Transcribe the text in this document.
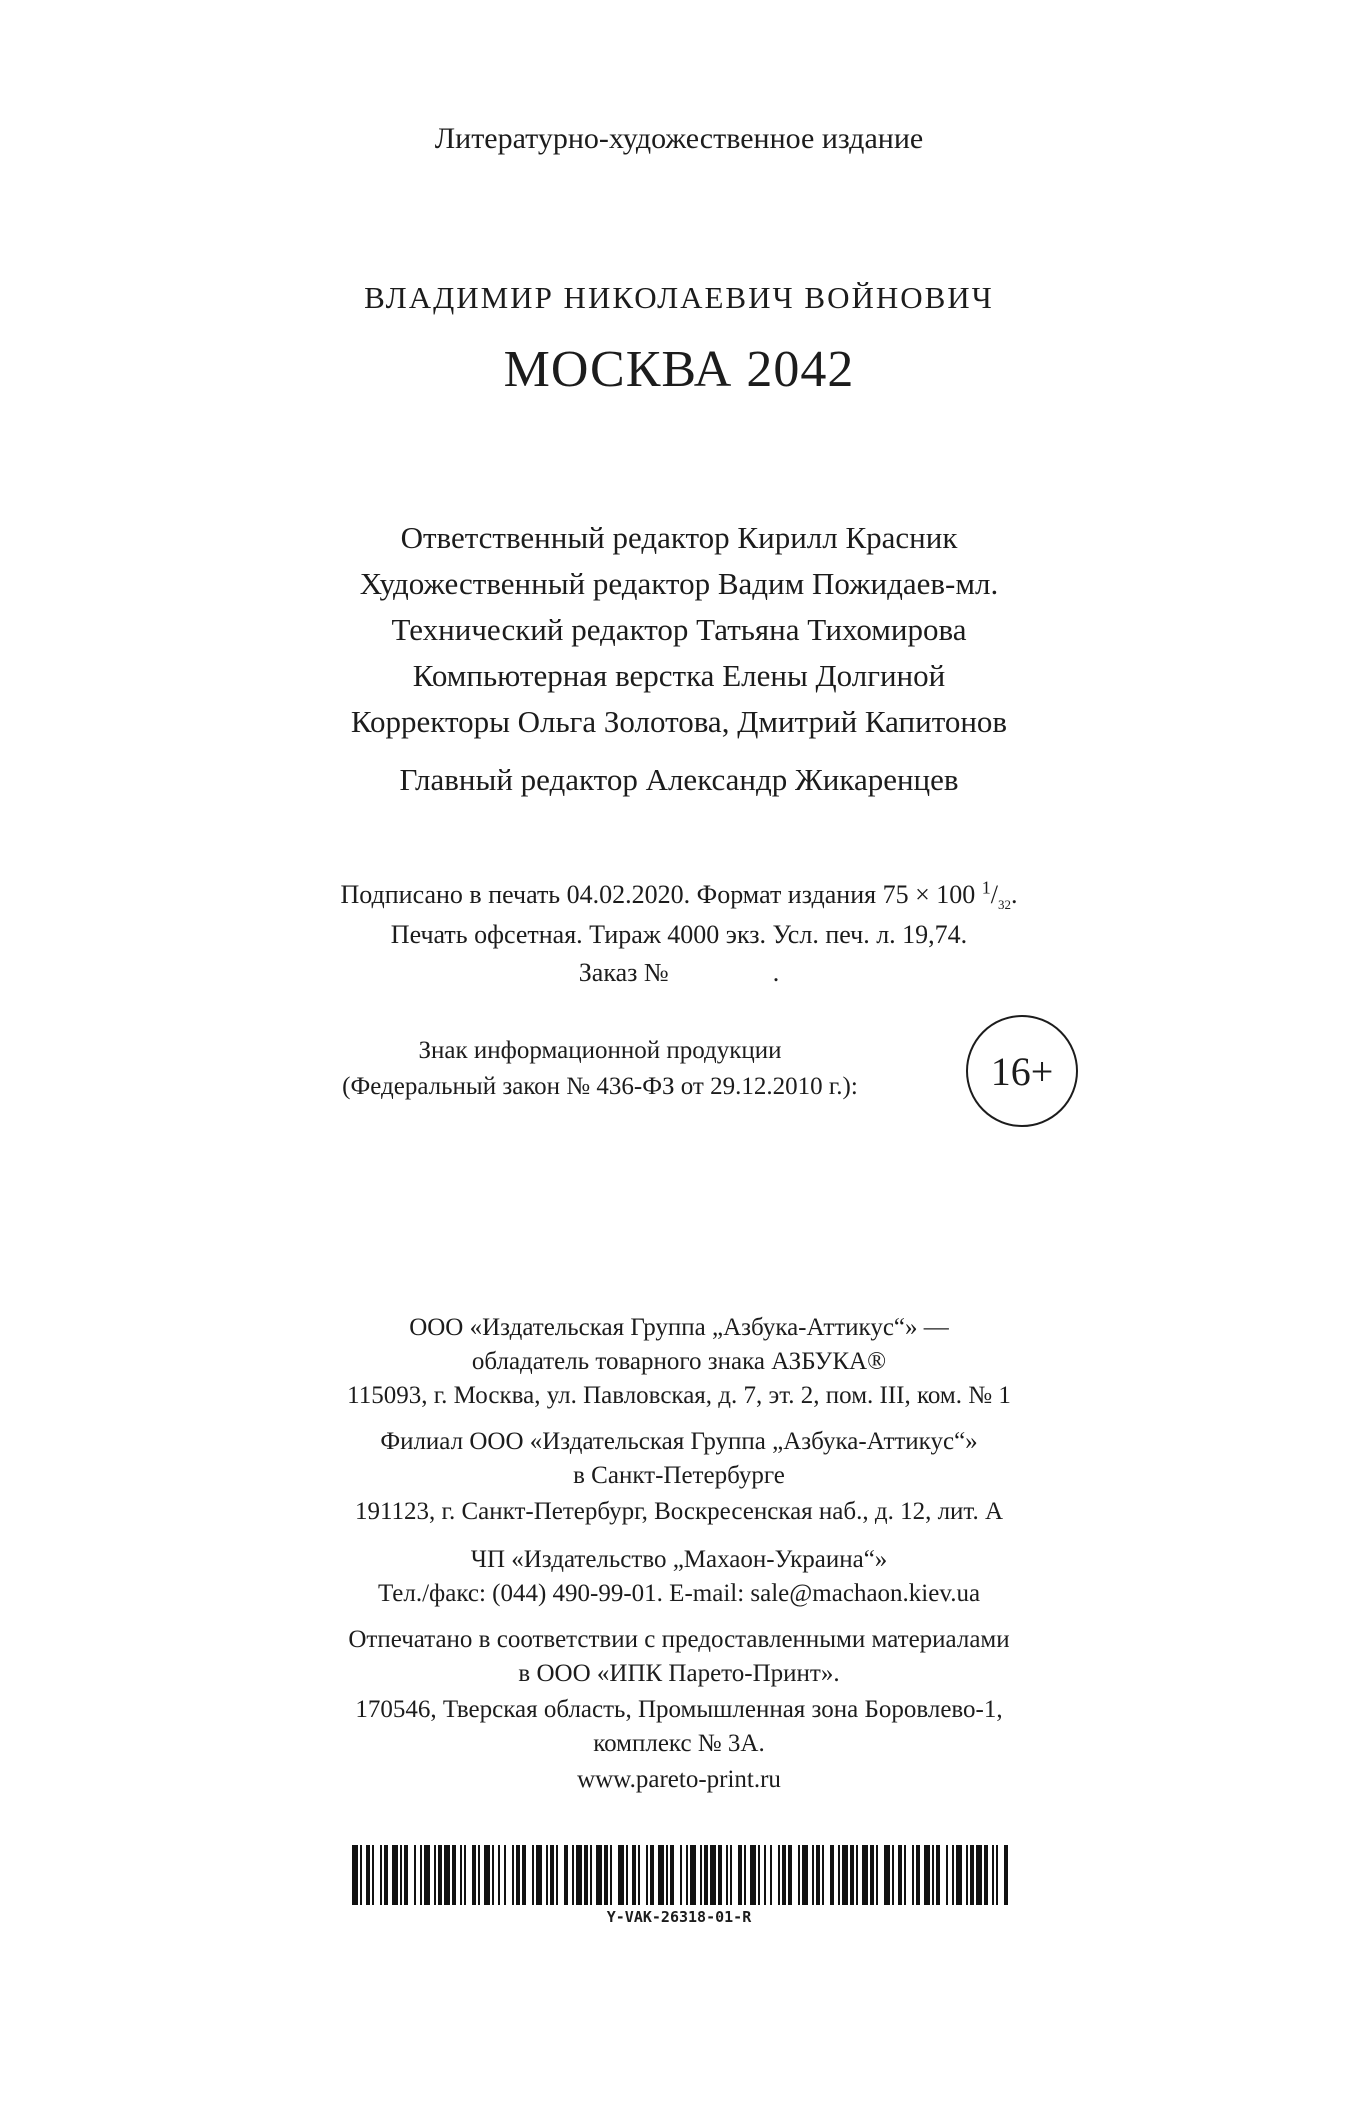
Литературно-художественное издание
ВЛАДИМИР НИКОЛАЕВИЧ ВОЙНОВИЧ
МОСКВА 2042
Ответственный редактор Кирилл Красник
Художественный редактор Вадим Пожидаев-мл.
Технический редактор Татьяна Тихомирова
Компьютерная верстка Елены Долгиной
Корректоры Ольга Золотова, Дмитрий Капитонов
Главный редактор Александр Жикаренцев
Подписано в печать 04.02.2020. Формат издания 75 × 100 $^1/_{32}$.
Печать офсетная. Тираж 4000 экз. Усл. печ. л. 19,74.
Заказ №                .
Знак информационной продукции
(Федеральный закон № 436-ФЗ от 29.12.2010 г.):	16+
ООО «Издательская Группа „Азбука-Аттикус“» —
обладатель товарного знака АЗБУКА®
115093, г. Москва, ул. Павловская, д. 7, эт. 2, пом. III, ком. № 1
Филиал ООО «Издательская Группа „Азбука-Аттикус“»
в Санкт-Петербурге
191123, г. Санкт-Петербург, Воскресенская наб., д. 12, лит. А
ЧП «Издательство „Махаон-Украина“»
Тел./факс: (044) 490-99-01. E-mail: sale@machaon.kiev.ua
Отпечатано в соответствии с предоставленными материалами
в ООО «ИПК Парето-Принт».
170546, Тверская область, Промышленная зона Боровлево-1,
комплекс № 3А.
www.pareto-print.ru
Y-VAK-26318-01-R
